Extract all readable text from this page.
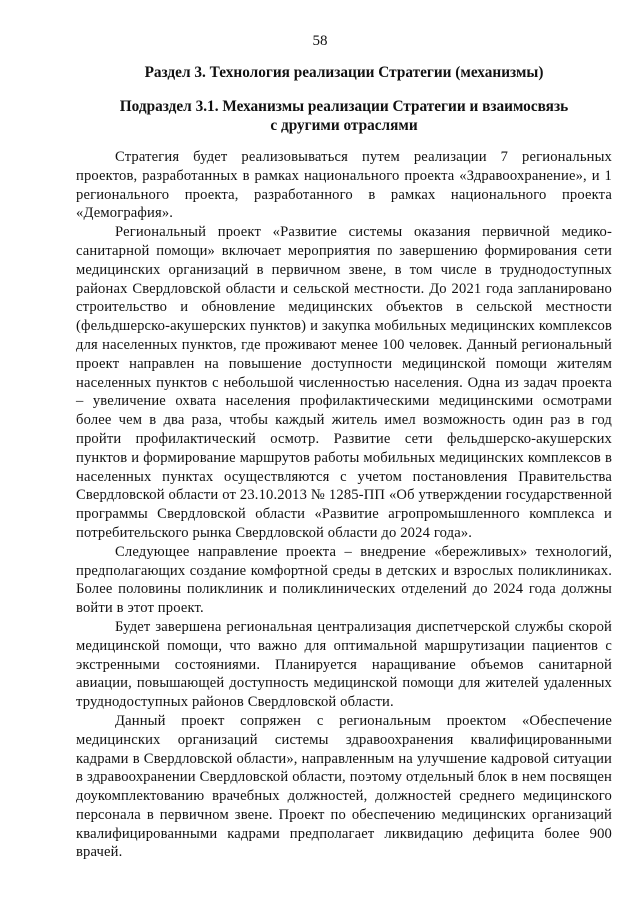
58
Раздел 3. Технология реализации Стратегии (механизмы)
Подраздел 3.1. Механизмы реализации Стратегии и взаимосвязь
с другими отраслями

Стратегия будет реализовываться путем реализации 7 региональных проектов, разработанных в рамках национального проекта «Здравоохранение», и 1 регионального проекта, разработанного в рамках национального проекта «Демография».

Региональный проект «Развитие системы оказания первичной медико-санитарной помощи» включает мероприятия по завершению формирования сети медицинских организаций в первичном звене, в том числе в труднодоступных районах Свердловской области и сельской местности. До 2021 года запланировано строительство и обновление медицинских объектов в сельской местности (фельдшерско-акушерских пунктов) и закупка мобильных медицинских комплексов для населенных пунктов, где проживают менее 100 человек. Данный региональный проект направлен на повышение доступности медицинской помощи жителям населенных пунктов с небольшой численностью населения. Одна из задач проекта – увеличение охвата населения профилактическими медицинскими осмотрами более чем в два раза, чтобы каждый житель имел возможность один раз в год пройти профилактический осмотр. Развитие сети фельдшерско-акушерских пунктов и формирование маршрутов работы мобильных медицинских комплексов в населенных пунктах осуществляются с учетом постановления Правительства Свердловской области от 23.10.2013 № 1285-ПП «Об утверждении государственной программы Свердловской области «Развитие агропромышленного комплекса и потребительского рынка Свердловской области до 2024 года».

Следующее направление проекта – внедрение «бережливых» технологий, предполагающих создание комфортной среды в детских и взрослых поликлиниках. Более половины поликлиник и поликлинических отделений до 2024 года должны войти в этот проект.

Будет завершена региональная централизация диспетчерской службы скорой медицинской помощи, что важно для оптимальной маршрутизации пациентов с экстренными состояниями. Планируется наращивание объемов санитарной авиации, повышающей доступность медицинской помощи для жителей удаленных труднодоступных районов Свердловской области.

Данный проект сопряжен с региональным проектом «Обеспечение медицинских организаций системы здравоохранения квалифицированными кадрами в Свердловской области», направленным на улучшение кадровой ситуации в здравоохранении Свердловской области, поэтому отдельный блок в нем посвящен доукомплектованию врачебных должностей, должностей среднего медицинского персонала в первичном звене. Проект по обеспечению медицинских организаций квалифицированными кадрами предполагает ликвидацию дефицита более 900 врачей.
